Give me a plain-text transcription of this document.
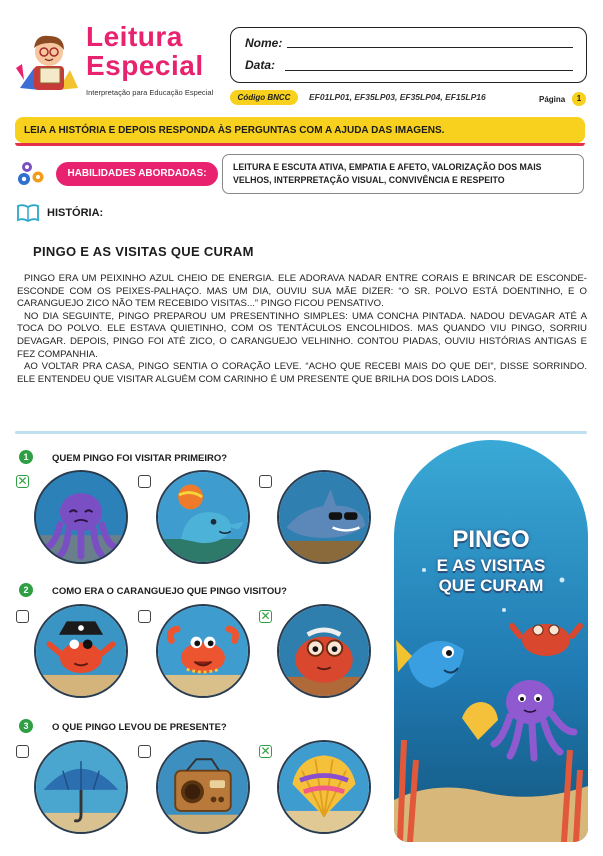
Leitura
Especial
Interpretação para Educação Especial
Nome:
Data:
Código BNCC	EF01LP01, EF35LP03, EF35LP04, EF15LP16	Página	1
LEIA A HISTÓRIA E DEPOIS RESPONDA ÀS PERGUNTAS COM A AJUDA DAS IMAGENS.
HABILIDADES ABORDADAS:
LEITURA E ESCUTA ATIVA, EMPATIA E AFETO, VALORIZAÇÃO DOS MAIS VELHOS, INTERPRETAÇÃO VISUAL, CONVIVÊNCIA E RESPEITO
HISTÓRIA:
PINGO E AS VISITAS QUE CURAM

PINGO ERA UM PEIXINHO AZUL CHEIO DE ENERGIA. ELE ADORAVA NADAR ENTRE CORAIS E BRINCAR DE ESCONDE-ESCONDE COM OS PEIXES-PALHAÇO. MAS UM DIA, OUVIU SUA MÃE DIZER: “O SR. POLVO ESTÁ DOENTINHO, E O CARANGUEJO ZICO NÃO TEM RECEBIDO VISITAS...” PINGO FICOU PENSATIVO.

NO DIA SEGUINTE, PINGO PREPAROU UM PRESENTINHO SIMPLES: UMA CONCHA PINTADA. NADOU DEVAGAR ATÉ A TOCA DO POLVO. ELE ESTAVA QUIETINHO, COM OS TENTÁCULOS ENCOLHIDOS. MAS QUANDO VIU PINGO, SORRIU DEVAGAR. DEPOIS, PINGO FOI ATÉ ZICO, O CARANGUEJO VELHINHO. CONTOU PIADAS, OUVIU HISTÓRIAS ANTIGAS E FEZ COMPANHIA.

AO VOLTAR PRA CASA, PINGO SENTIA O CORAÇÃO LEVE. “ACHO QUE RECEBI MAIS DO QUE DEI”, DISSE SORRINDO. ELE ENTENDEU QUE VISITAR ALGUÉM COM CARINHO É UM PRESENTE QUE BRILHA DOS DOIS LADOS.

1	QUEM PINGO FOI VISITAR PRIMEIRO?
✕
2	COMO ERA O CARANGUEJO QUE PINGO VISITOU?
✕
3	O QUE PINGO LEVOU DE PRESENTE?
✕
PINGO
E AS VISITAS
QUE CURAM
